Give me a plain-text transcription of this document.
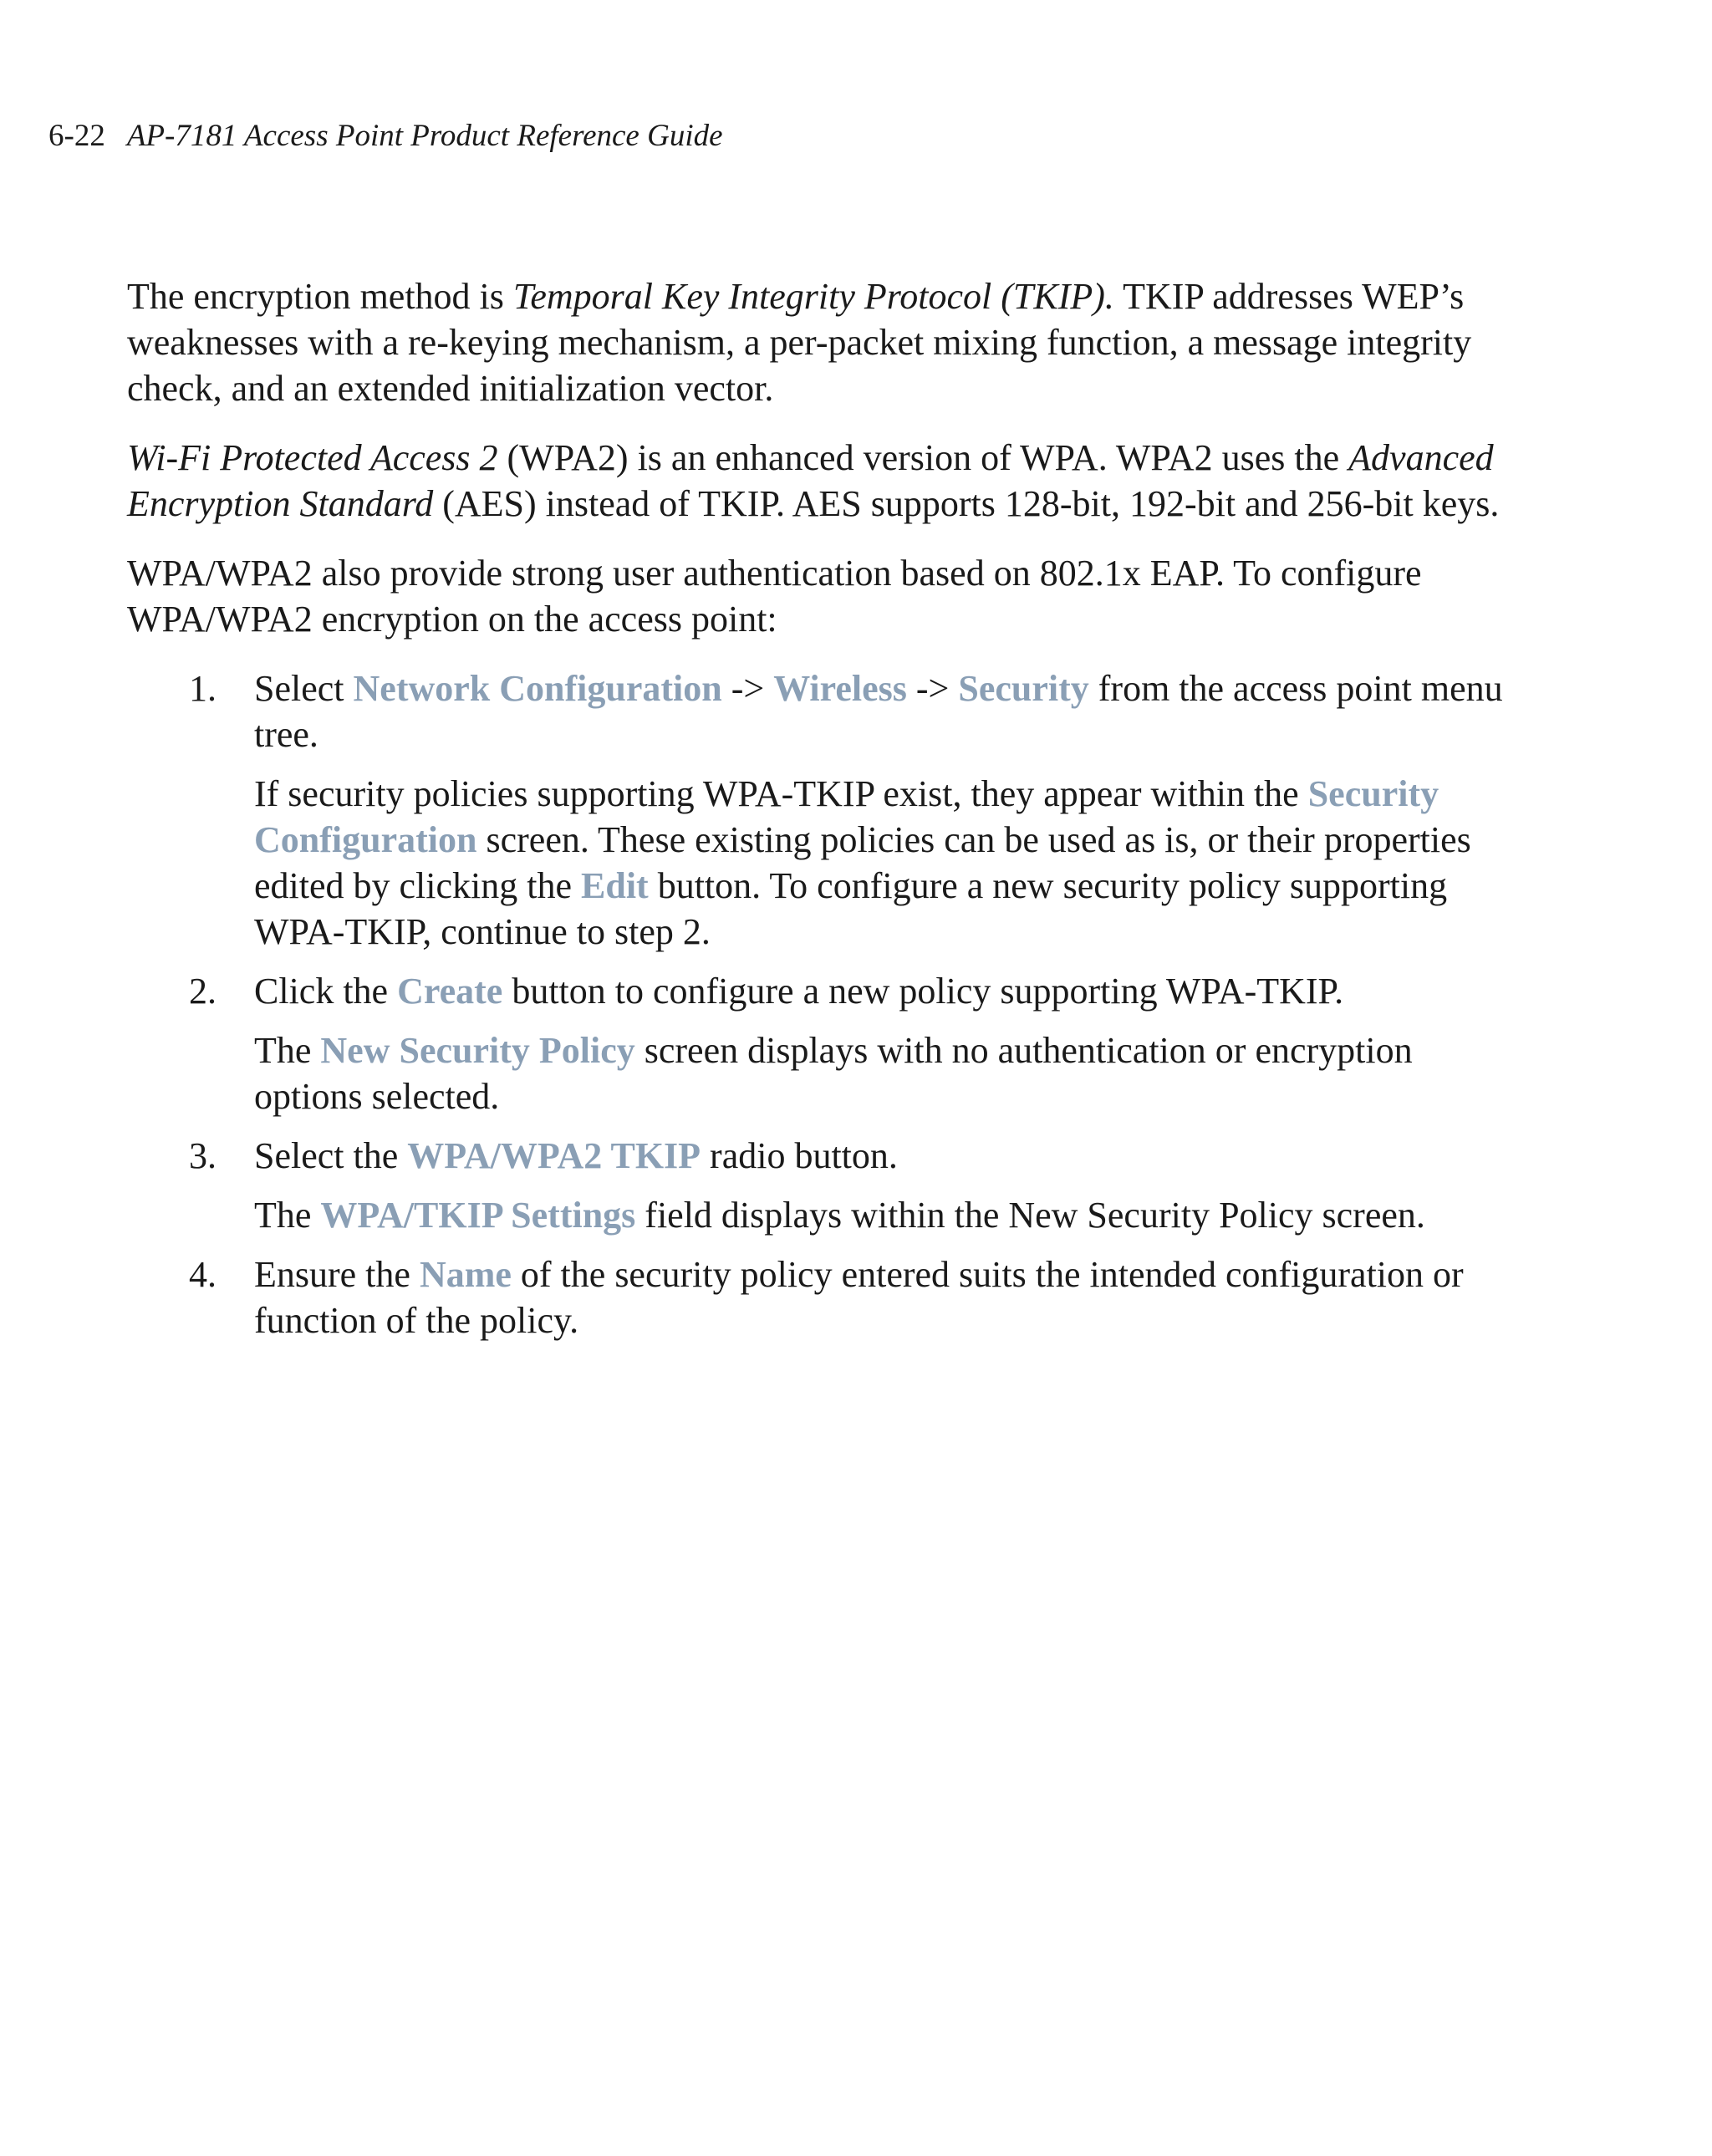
6-22 AP-7181 Access Point Product Reference Guide

The encryption method is Temporal Key Integrity Protocol (TKIP). TKIP addresses WEP’s weaknesses with a re-keying mechanism, a per-packet mixing function, a message integrity check, and an extended initialization vector.

Wi-Fi Protected Access 2 (WPA2) is an enhanced version of WPA. WPA2 uses the Advanced Encryption Standard (AES) instead of TKIP. AES supports 128-bit, 192-bit and 256-bit keys.

WPA/WPA2 also provide strong user authentication based on 802.1x EAP. To configure WPA/WPA2 encryption on the access point:

1. Select Network Configuration -> Wireless -> Security from the access point menu tree.

If security policies supporting WPA-TKIP exist, they appear within the Security Configuration screen. These existing policies can be used as is, or their properties edited by clicking the Edit button. To configure a new security policy supporting WPA-TKIP, continue to step 2.

2. Click the Create button to configure a new policy supporting WPA-TKIP.

The New Security Policy screen displays with no authentication or encryption options selected.

3. Select the WPA/WPA2 TKIP radio button.

The WPA/TKIP Settings field displays within the New Security Policy screen.

4. Ensure the Name of the security policy entered suits the intended configuration or function of the policy.
